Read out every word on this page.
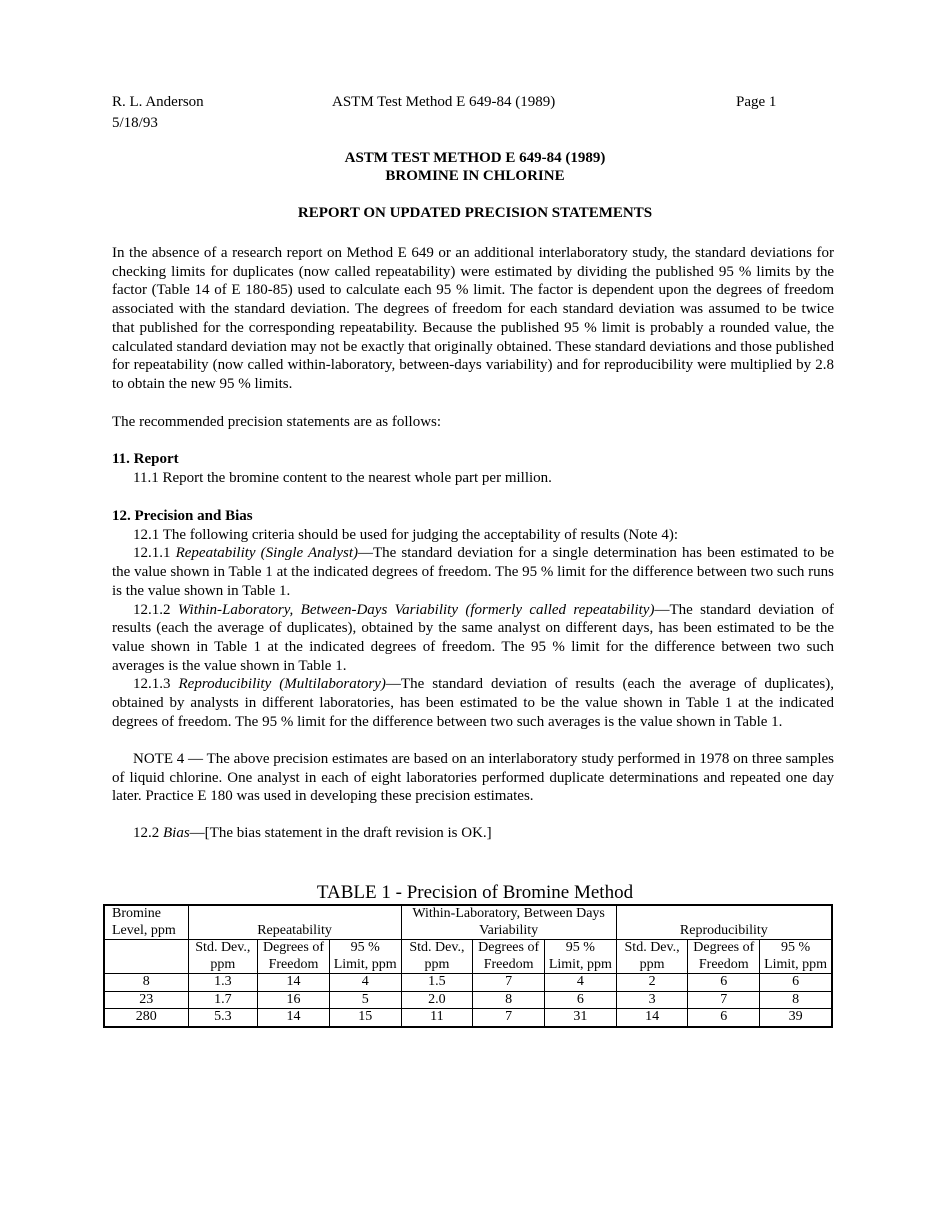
R. L. Anderson
5/18/93
ASTM Test Method E 649-84 (1989)	Page 1
ASTM TEST METHOD E 649-84 (1989)
BROMINE IN CHLORINE
REPORT ON UPDATED PRECISION STATEMENTS

In the absence of a research report on Method E 649 or an additional interlaboratory study, the standard deviations for checking limits for duplicates (now called repeatability) were estimated by dividing the published 95 % limits by the factor (Table 14 of E 180-85) used to calculate each 95 % limit. The factor is dependent upon the degrees of freedom associated with the standard deviation. The degrees of freedom for each standard deviation was assumed to be twice that published for the corresponding repeatability. Because the published 95 % limit is probably a rounded value, the calculated standard deviation may not be exactly that originally obtained. These standard deviations and those published for repeatability (now called within-laboratory, between-days variability) and for reproducibility were multiplied by 2.8 to obtain the new 95 % limits.

The recommended precision statements are as follows:

11. Report

11.1 Report the bromine content to the nearest whole part per million.

12. Precision and Bias

12.1 The following criteria should be used for judging the acceptability of results (Note 4):

12.1.1 Repeatability (Single Analyst)—The standard deviation for a single determination has been estimated to be the value shown in Table 1 at the indicated degrees of freedom. The 95 % limit for the difference between two such runs is the value shown in Table 1.

12.1.2 Within-Laboratory, Between-Days Variability (formerly called repeatability)—The standard deviation of results (each the average of duplicates), obtained by the same analyst on different days, has been estimated to be the value shown in Table 1 at the indicated degrees of freedom. The 95 % limit for the difference between two such averages is the value shown in Table 1.

12.1.3 Reproducibility (Multilaboratory)—The standard deviation of results (each the average of duplicates), obtained by analysts in different laboratories, has been estimated to be the value shown in Table 1 at the indicated degrees of freedom. The 95 % limit for the difference between two such averages is the value shown in Table 1.

NOTE 4 — The above precision estimates are based on an interlaboratory study performed in 1978 on three samples of liquid chlorine. One analyst in each of eight laboratories performed duplicate determinations and repeated one day later. Practice E 180 was used in developing these precision estimates.

12.2 Bias—[The bias statement in the draft revision is OK.]

TABLE 1 - Precision of Bromine Method
Bromine Level, ppm	Repeatability			Within-Laboratory, Between Days Variability			Reproducibility		
	Std. Dev., ppm	Degrees of Freedom	95 % Limit, ppm	Std. Dev., ppm	Degrees of Freedom	95 % Limit, ppm	Std. Dev., ppm	Degrees of Freedom	95 % Limit, ppm
8	1.3	14	4	1.5	7	4	2	6	6
23	1.7	16	5	2.0	8	6	3	7	8
280	5.3	14	15	11	7	31	14	6	39
